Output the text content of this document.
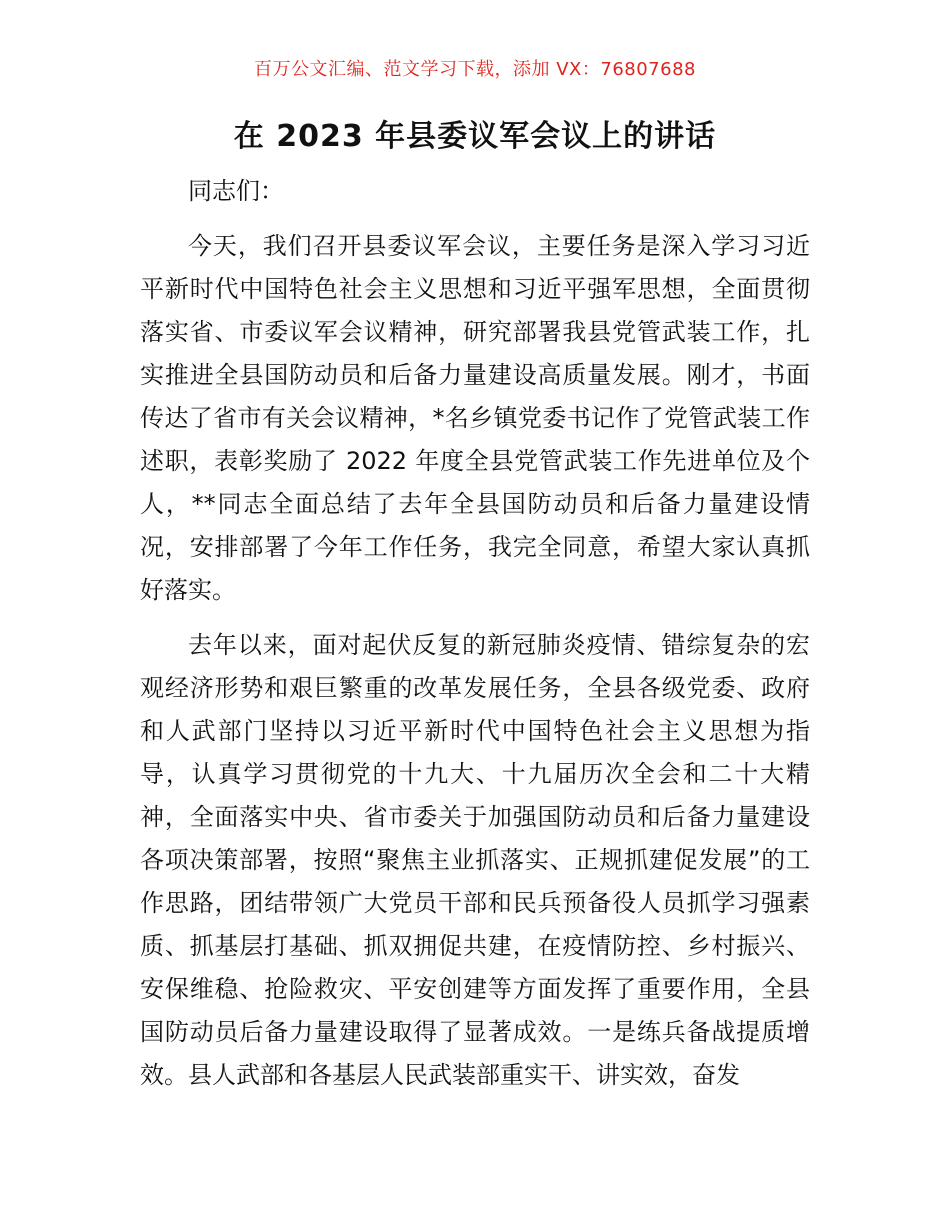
百万公文汇编、范文学习下载，添加 VX：76807688
在 2023 年县委议军会议上的讲话

同志们：

今天，我们召开县委议军会议，主要任务是深入学习习近平新时代中国特色社会主义思想和习近平强军思想，全面贯彻落实省、市委议军会议精神，研究部署我县党管武装工作，扎实推进全县国防动员和后备力量建设高质量发展。刚才，书面传达了省市有关会议精神，*名乡镇党委书记作了党管武装工作述职，表彰奖励了 2022 年度全县党管武装工作先进单位及个人，**同志全面总结了去年全县国防动员和后备力量建设情况，安排部署了今年工作任务，我完全同意，希望大家认真抓好落实。

去年以来，面对起伏反复的新冠肺炎疫情、错综复杂的宏观经济形势和艰巨繁重的改革发展任务，全县各级党委、政府和人武部门坚持以习近平新时代中国特色社会主义思想为指导，认真学习贯彻党的十九大、十九届历次全会和二十大精神，全面落实中央、省市委关于加强国防动员和后备力量建设各项决策部署，按照“聚焦主业抓落实、正规抓建促发展”的工作思路，团结带领广大党员干部和民兵预备役人员抓学习强素质、抓基层打基础、抓双拥促共建，在疫情防控、乡村振兴、安保维稳、抢险救灾、平安创建等方面发挥了重要作用，全县国防动员后备力量建设取得了显著成效。一是练兵备战提质增效。县人武部和各基层人民武装部重实干、讲实效，奋发
